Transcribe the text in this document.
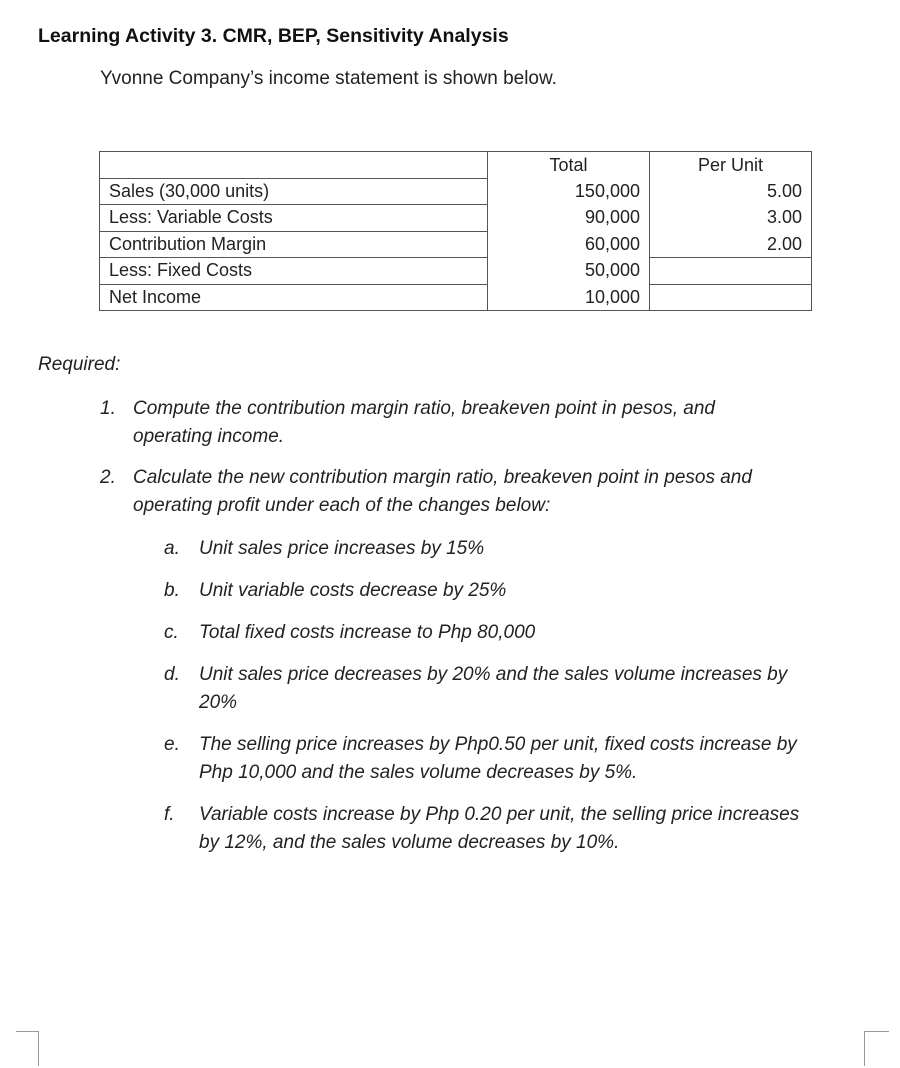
Learning Activity 3. CMR, BEP, Sensitivity Analysis
Yvonne Company’s income statement is shown below.
	Total	Per Unit
Sales (30,000 units)	150,000	5.00
Less: Variable Costs	90,000	3.00
Contribution Margin	60,000	2.00
Less: Fixed Costs	50,000	
Net Income	10,000	
Required:
1. Compute the contribution margin ratio, breakeven point in pesos, and
operating income.
2. Calculate the new contribution margin ratio, breakeven point in pesos and
operating profit under each of the changes below:
a. Unit sales price increases by 15%
b. Unit variable costs decrease by 25%
c. Total fixed costs increase to Php 80,000
d. Unit sales price decreases by 20% and the sales volume increases by
20%
e. The selling price increases by Php0.50 per unit, fixed costs increase by
Php 10,000 and the sales volume decreases by 5%.
f. Variable costs increase by Php 0.20 per unit, the selling price increases
by 12%, and the sales volume decreases by 10%.
